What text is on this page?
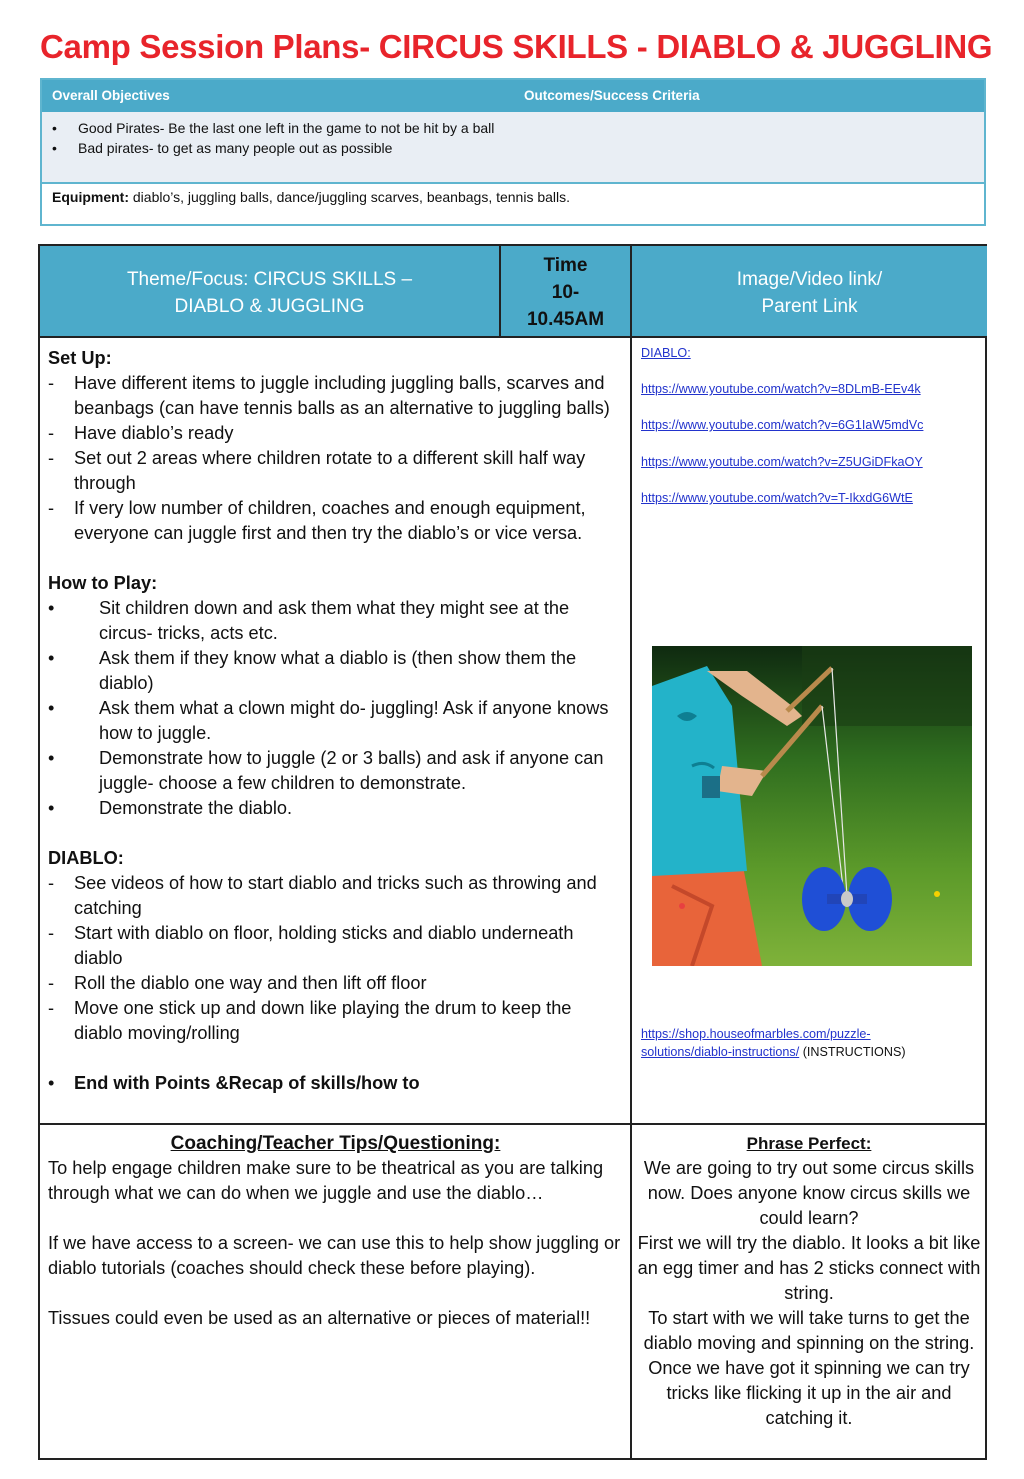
Camp Session Plans- CIRCUS SKILLS - DIABLO & JUGGLING
Overall Objectives	Outcomes/Success Criteria
• Good Pirates- Be the last one left in the game to not be hit by a ball
• Bad pirates- to get as many people out as possible
Equipment: diablo’s, juggling balls, dance/juggling scarves, beanbags, tennis balls.
Theme/Focus: CIRCUS SKILLS –
DIABLO & JUGGLING
Time
10-
10.45AM
Image/Video link/
Parent Link
Set Up:
- Have different items to juggle including juggling balls, scarves and beanbags (can have tennis balls as an alternative to juggling balls)
- Have diablo’s ready
- Set out 2 areas where children rotate to a different skill half way through
- If very low number of children, coaches and enough equipment, everyone can juggle first and then try the diablo’s or vice versa.
How to Play:
• Sit children down and ask them what they might see at the circus- tricks, acts etc.
• Ask them if they know what a diablo is (then show them the diablo)
• Ask them what a clown might do- juggling! Ask if anyone knows how to juggle.
• Demonstrate how to juggle (2 or 3 balls) and ask if anyone can juggle- choose a few children to demonstrate.
• Demonstrate the diablo.
DIABLO:
- See videos of how to start diablo and tricks such as throwing and catching
- Start with diablo on floor, holding sticks and diablo underneath diablo
- Roll the diablo one way and then lift off floor
- Move one stick up and down like playing the drum to keep the diablo moving/rolling
• End with Points &Recap of skills/how to
DIABLO:
https://www.youtube.com/watch?v=8DLmB-EEv4k
https://www.youtube.com/watch?v=6G1IaW5mdVc
https://www.youtube.com/watch?v=Z5UGiDFkaOY
https://www.youtube.com/watch?v=T-IkxdG6WtE
https://shop.houseofmarbles.com/puzzle-
solutions/diablo-instructions/ (INSTRUCTIONS)
Coaching/Teacher Tips/Questioning:
To help engage children make sure to be theatrical as you are talking through what we can do when we juggle and use the diablo…
If we have access to a screen- we can use this to help show juggling or diablo tutorials (coaches should check these before playing).
Tissues could even be used as an alternative or pieces of material!!
Phrase Perfect:
We are going to try out some circus skills now. Does anyone know circus skills we could learn?
First we will try the diablo. It looks a bit like an egg timer and has 2 sticks connect with string.
To start with we will take turns to get the diablo moving and spinning on the string.
Once we have got it spinning we can try tricks like flicking it up in the air and catching it.
